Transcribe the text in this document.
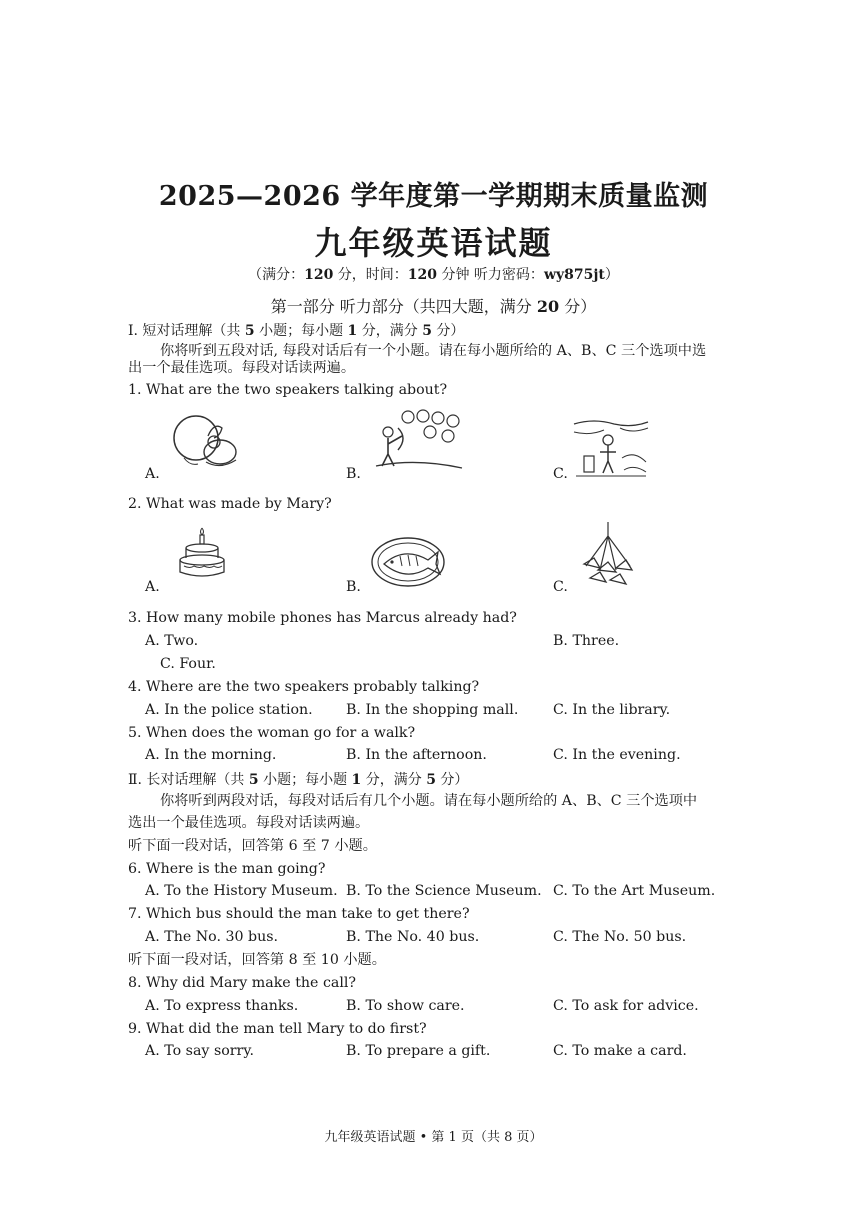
2025—2026 学年度第一学期期末质量监测
九年级英语试题
（满分：120 分，时间：120 分钟 听力密码：wy875jt）
第一部分 听力部分（共四大题，满分 20 分）
I. 短对话理解（共 5 小题；每小题 1 分，满分 5 分）
你将听到五段对话, 每段对话后有一个小题。请在每小题所给的 A、B、C 三个选项中选
出一个最佳选项。每段对话读两遍。
1. What are the two speakers talking about?
A.	B.	C.
2. What was made by Mary?
A.	B.	C.
3. How many mobile phones has Marcus already had?
A. Two.	B. Three.
C. Four.
4. Where are the two speakers probably talking?
A. In the police station. B. In the shopping mall. C. In the library.
5. When does the woman go for a walk?
A. In the morning.	B. In the afternoon.	C. In the evening.
Ⅱ. 长对话理解（共 5 小题；每小题 1 分，满分 5 分）
你将听到两段对话，每段对话后有几个小题。请在每小题所给的 A、B、C 三个选项中
选出一个最佳选项。每段对话读两遍。
听下面一段对话，回答第 6 至 7 小题。
6. Where is the man going?
A. To the History Museum. B. To the Science Museum. C. To the Art Museum.
7. Which bus should the man take to get there?
A. The No. 30 bus.	B. The No. 40 bus.	C. The No. 50 bus.
听下面一段对话，回答第 8 至 10 小题。
8. Why did Mary make the call?
A. To express thanks.	B. To show care.	C. To ask for advice.
9. What did the man tell Mary to do first?
A. To say sorry.	B. To prepare a gift.	C. To make a card.
九年级英语试题 • 第 1 页（共 8 页）
